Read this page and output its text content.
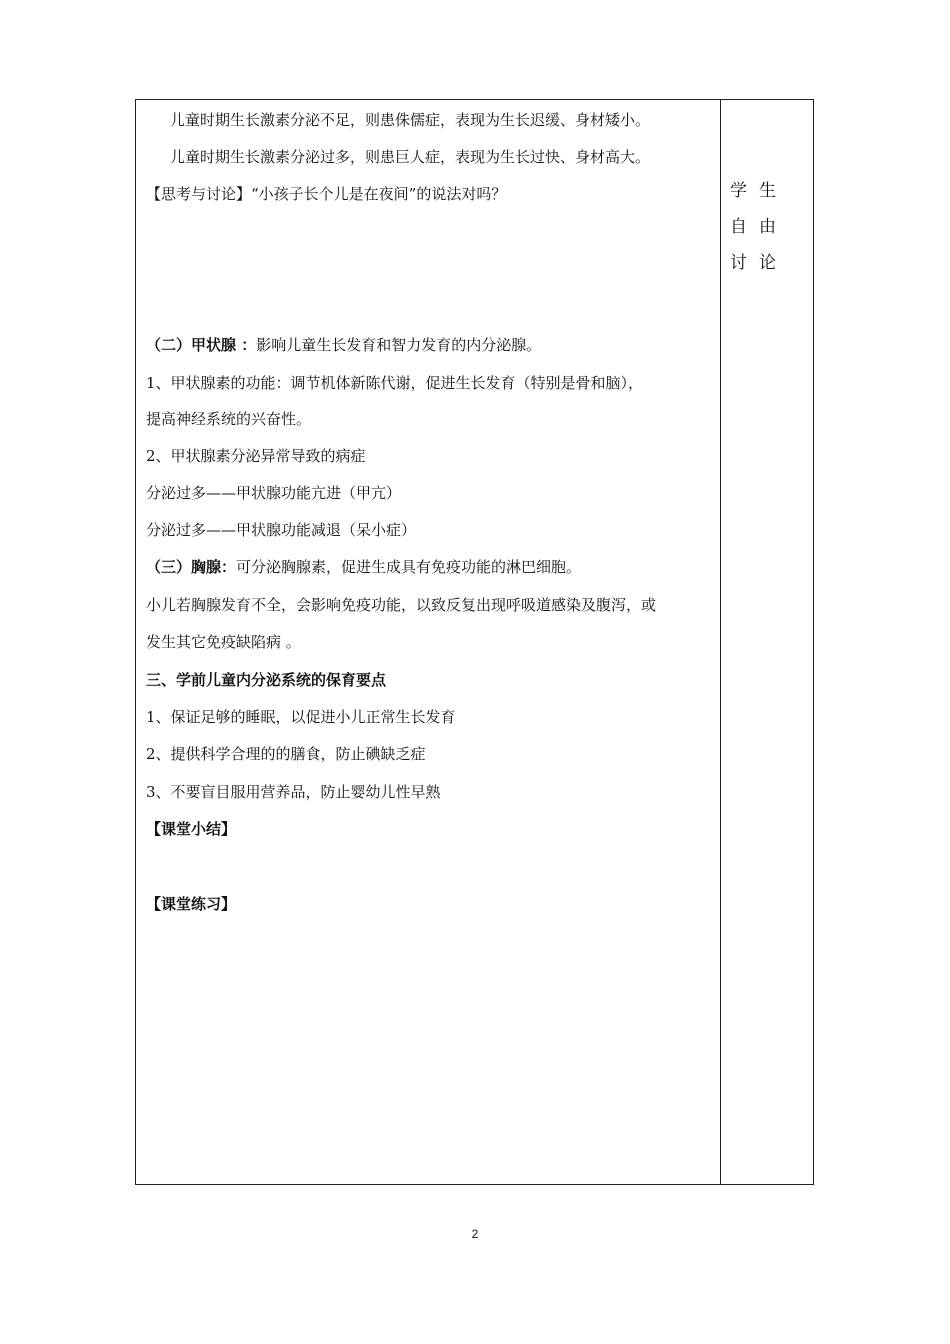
儿童时期生长激素分泌不足，则患侏儒症，表现为生长迟缓、身材矮小。
儿童时期生长激素分泌过多，则患巨人症，表现为生长过快、身材高大。
【思考与讨论】“小孩子长个儿是在夜间”的说法对吗？
（二）甲状腺 ：影响儿童生长发育和智力发育的内分泌腺。
1、甲状腺素的功能：调节机体新陈代谢，促进生长发育（特别是骨和脑），
提高神经系统的兴奋性。
2、甲状腺素分泌异常导致的病症
分泌过多——甲状腺功能亢进（甲亢）
分泌过多——甲状腺功能减退（呆小症）
（三）胸腺：可分泌胸腺素，促进生成具有免疫功能的淋巴细胞。
小儿若胸腺发育不全，会影响免疫功能，以致反复出现呼吸道感染及腹泻，或
发生其它免疫缺陷病 。
三、学前儿童内分泌系统的保育要点
1、保证足够的睡眠，以促进小儿正常生长发育
2、提供科学合理的的膳食，防止碘缺乏症
3、不要盲目服用营养品，防止婴幼儿性早熟
【课堂小结】
【课堂练习】
学生自由讨论
2
